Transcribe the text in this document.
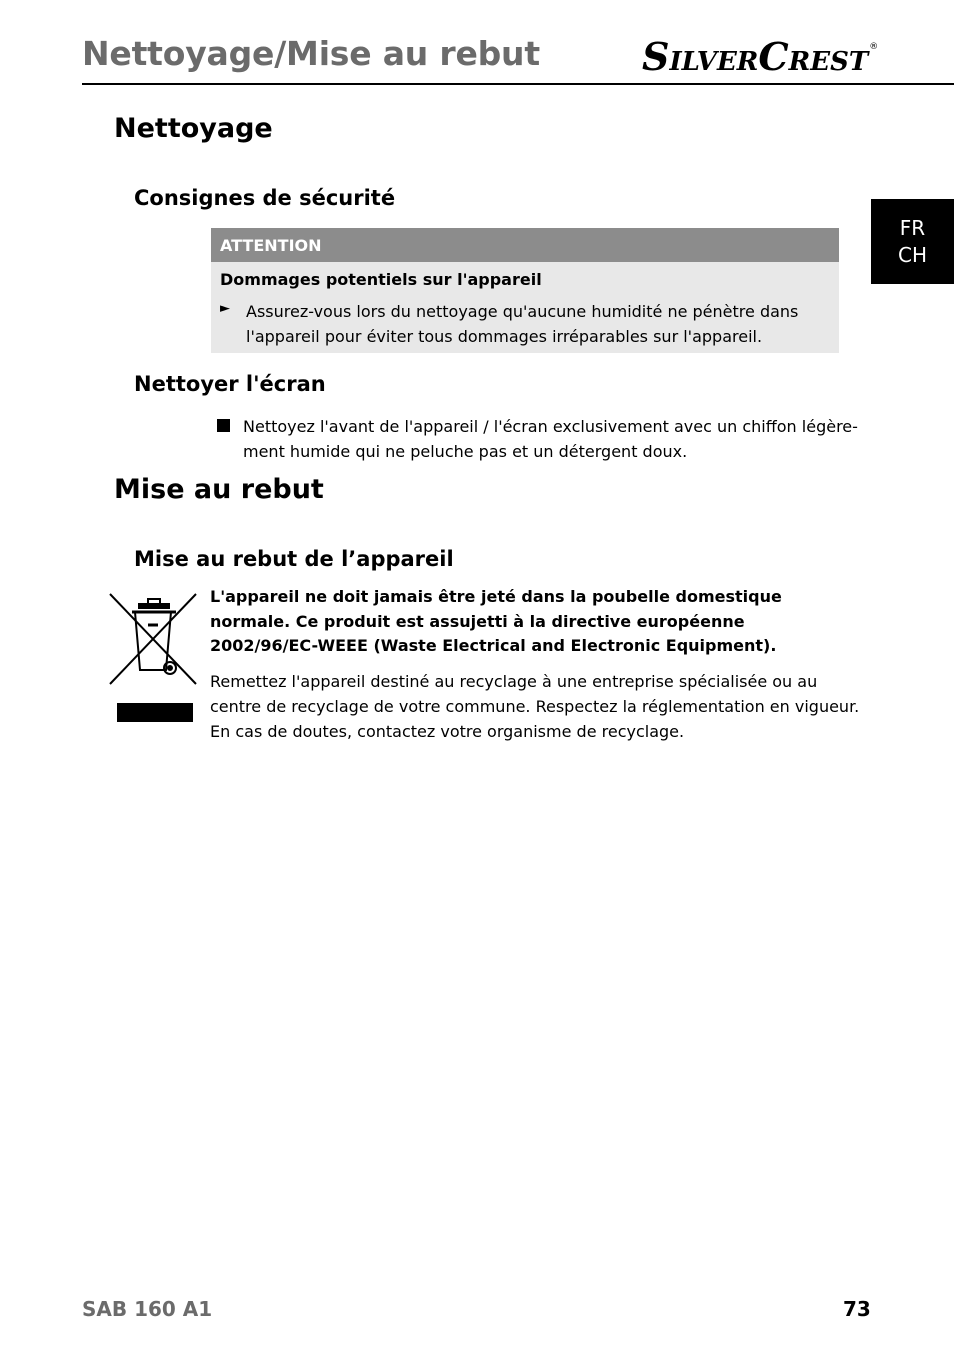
Nettoyage/Mise au rebut	SILVERCREST®
FR
CH
Nettoyage
Consignes de sécurité
ATTENTION
Dommages potentiels sur l'appareil
► Assurez-vous lors du nettoyage qu'aucune humidité ne pénètre dans
l'appareil pour éviter tous dommages irréparables sur l'appareil.
Nettoyer l'écran
Nettoyez l'avant de l'appareil / l'écran exclusivement avec un chiffon légère-
ment humide qui ne peluche pas et un détergent doux.
Mise au rebut
Mise au rebut de l’appareil
L'appareil ne doit jamais être jeté dans la poubelle domestique
normale. Ce produit est assujetti à la directive européenne
2002/96/EC-WEEE (Waste Electrical and Electronic Equipment).
Remettez l'appareil destiné au recyclage à une entreprise spécialisée ou au
centre de recyclage de votre commune. Respectez la réglementation en vigueur.
En cas de doutes, contactez votre organisme de recyclage.
SAB 160 A1	73
